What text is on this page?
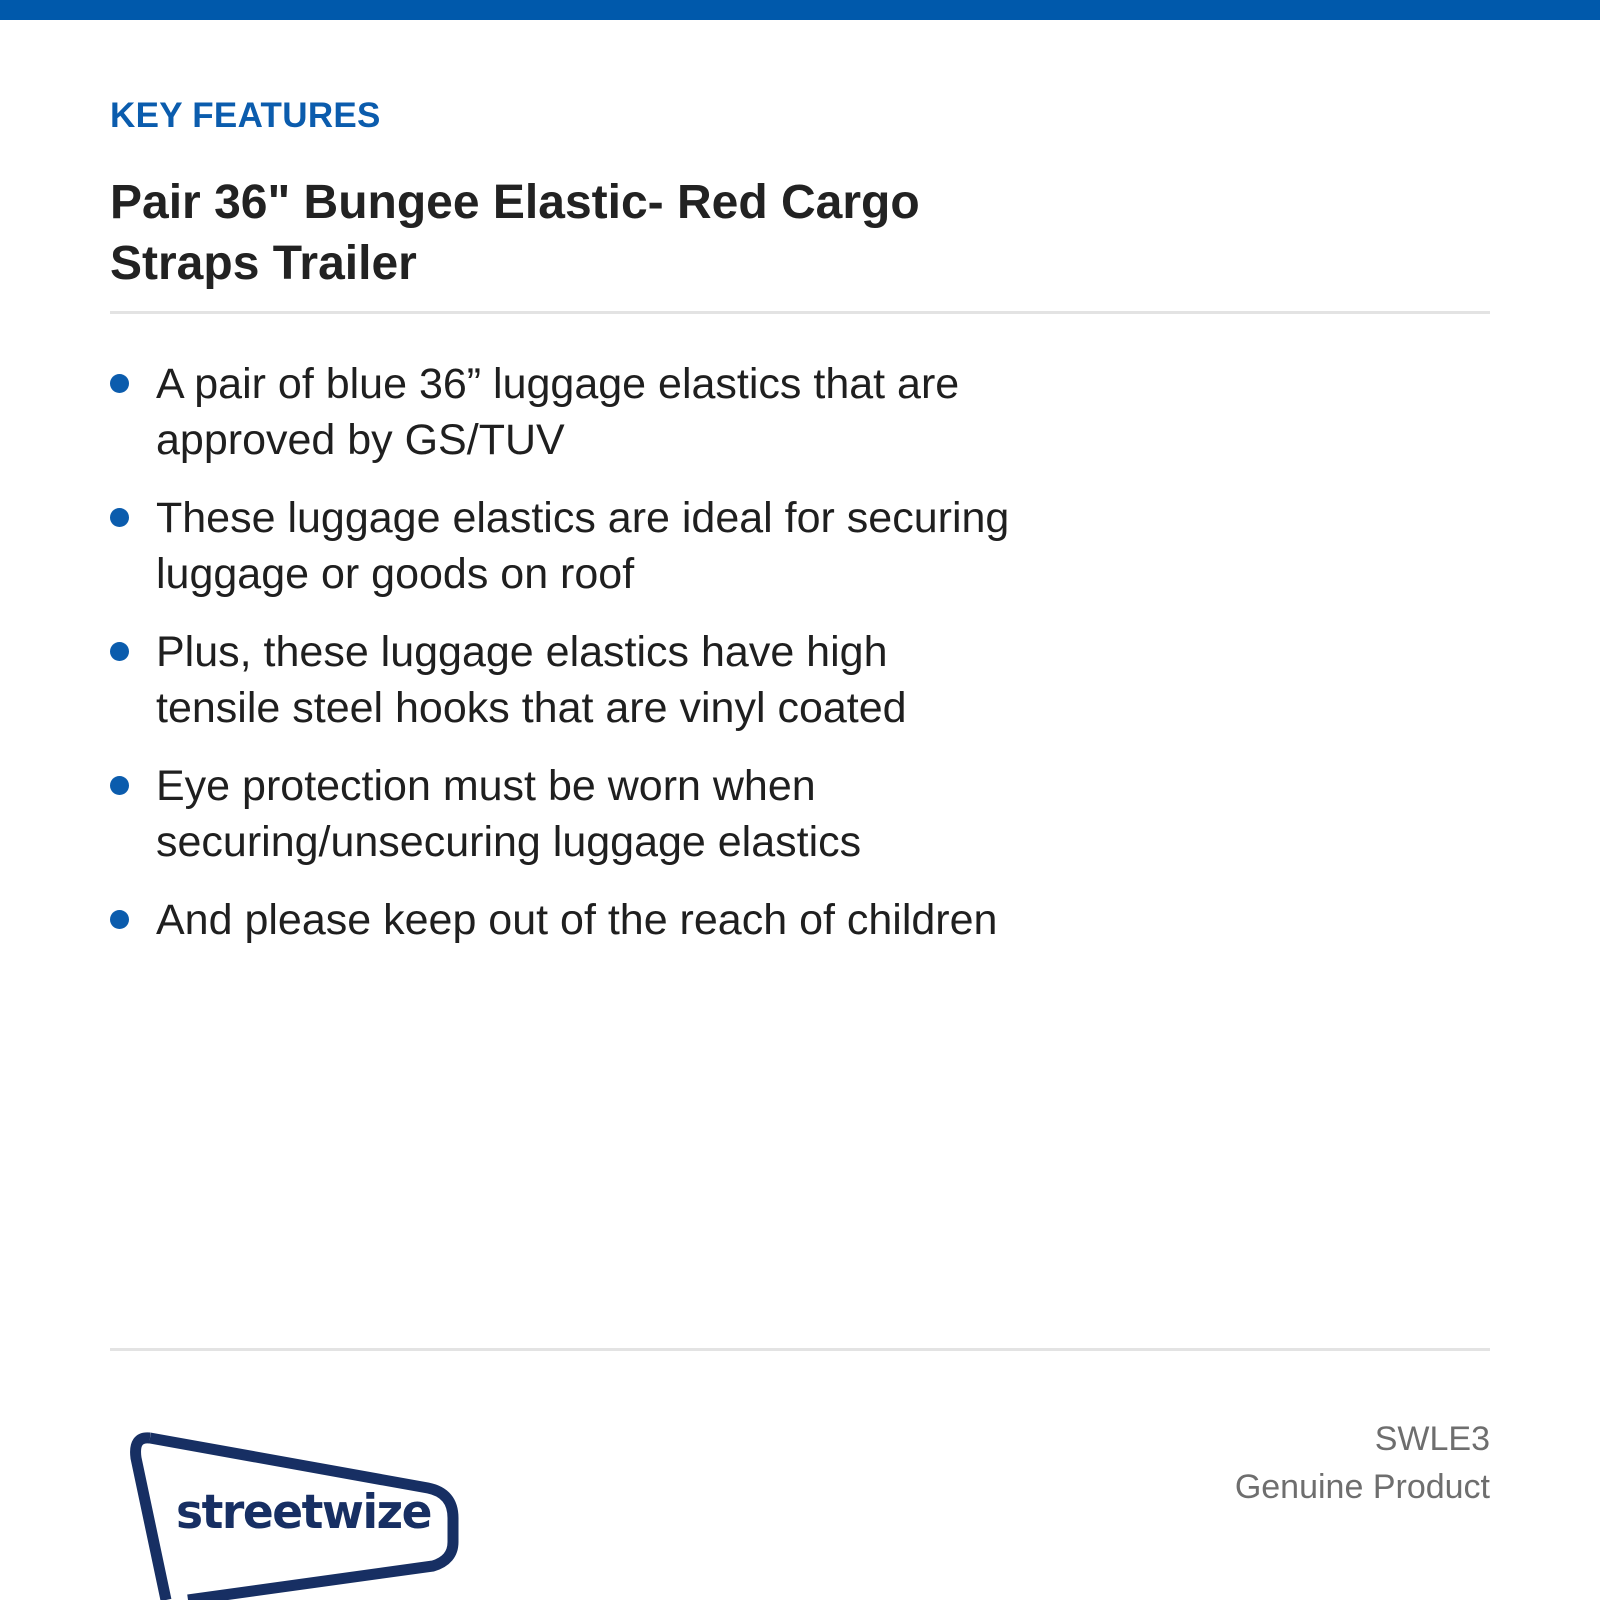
KEY FEATURES
Pair 36" Bungee Elastic- Red Cargo Straps Trailer
A pair of blue 36” luggage elastics that are approved by GS/TUV
These luggage elastics are ideal for securing luggage or goods on roof
Plus, these luggage elastics have high tensile steel hooks that are vinyl coated
Eye protection must be worn when securing/unsecuring luggage elastics
And please keep out of the reach of children
streetwize
SWLE3
Genuine Product
